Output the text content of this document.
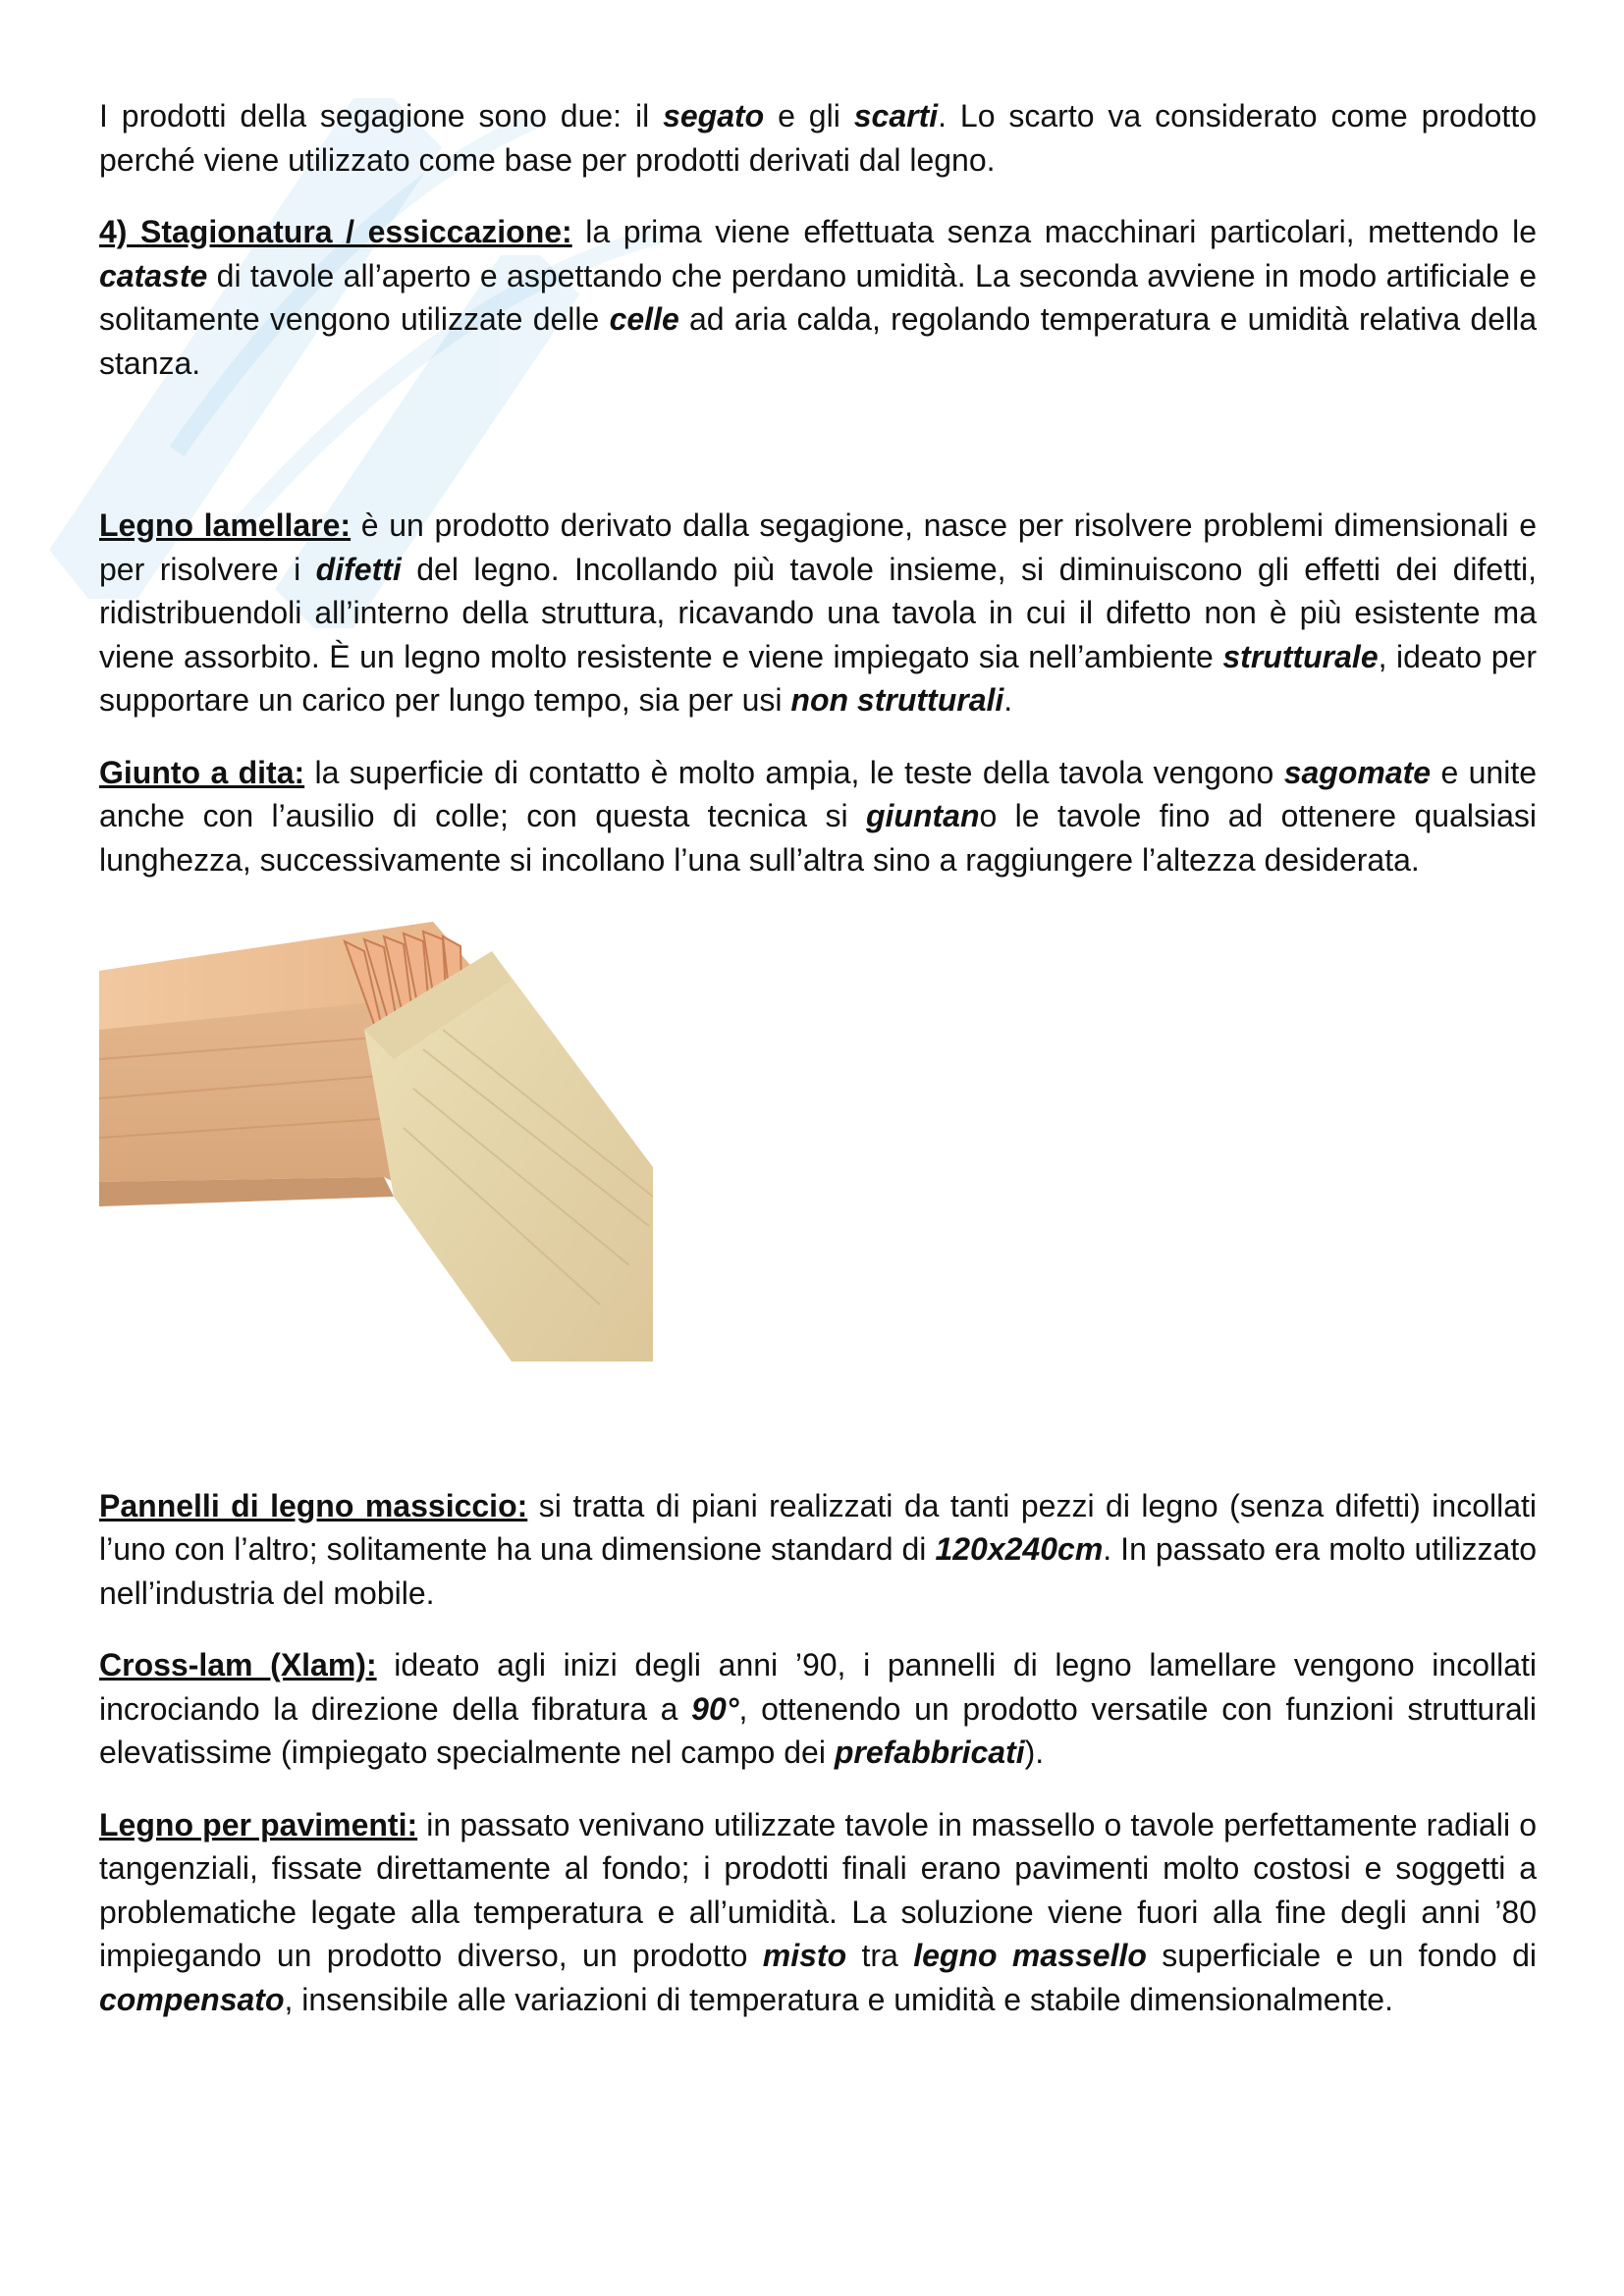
I prodotti della segagione sono due: il segato e gli scarti. Lo scarto va considerato come prodotto perché viene utilizzato come base per prodotti derivati dal legno.

4) Stagionatura / essiccazione: la prima viene effettuata senza macchinari particolari, mettendo le cataste di tavole all’aperto e aspettando che perdano umidità. La seconda avviene in modo artificiale e solitamente vengono utilizzate delle celle ad aria calda, regolando temperatura e umidità relativa della stanza.

Legno lamellare: è un prodotto derivato dalla segagione, nasce per risolvere problemi dimensionali e per risolvere i difetti del legno. Incollando più tavole insieme, si diminuiscono gli effetti dei difetti, ridistribuendoli all’interno della struttura, ricavando una tavola in cui il difetto non è più esistente ma viene assorbito. È un legno molto resistente e viene impiegato sia nell’ambiente strutturale, ideato per supportare un carico per lungo tempo, sia per usi non strutturali.

Giunto a dita: la superficie di contatto è molto ampia, le teste della tavola vengono sagomate e unite anche con l’ausilio di colle; con questa tecnica si giuntano le tavole fino ad ottenere qualsiasi lunghezza, successivamente si incollano l’una sull’altra sino a raggiungere l’altezza desiderata.

Pannelli di legno massiccio: si tratta di piani realizzati da tanti pezzi di legno (senza difetti) incollati l’uno con l’altro; solitamente ha una dimensione standard di 120x240cm. In passato era molto utilizzato nell’industria del mobile.

Cross-lam (Xlam): ideato agli inizi degli anni ’90, i pannelli di legno lamellare vengono incollati incrociando la direzione della fibratura a 90°, ottenendo un prodotto versatile con funzioni strutturali elevatissime (impiegato specialmente nel campo dei prefabbricati).

Legno per pavimenti: in passato venivano utilizzate tavole in massello o tavole perfettamente radiali o tangenziali, fissate direttamente al fondo; i prodotti finali erano pavimenti molto costosi e soggetti a problematiche legate alla temperatura e all’umidità. La soluzione viene fuori alla fine degli anni ’80 impiegando un prodotto diverso, un prodotto misto tra legno massello superficiale e un fondo di compensato, insensibile alle variazioni di temperatura e umidità e stabile dimensionalmente.
